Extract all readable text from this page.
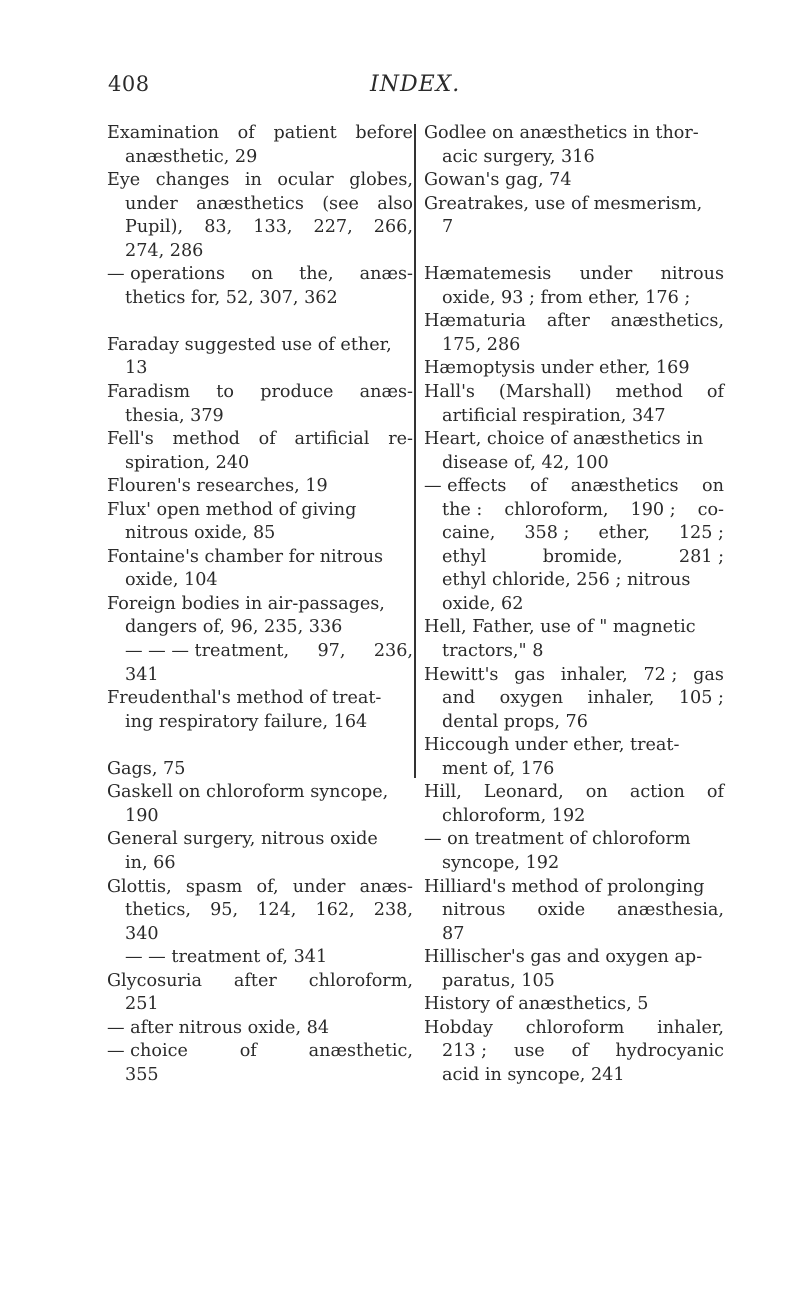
408	INDEX.
Examination of patient before
anæsthetic, 29
Eye changes in ocular globes,
under anæsthetics (see also
Pupil), 83, 133, 227, 266,
274, 286
— operations on the, anæs-
thetics for, 52, 307, 362
Faraday suggested use of ether,
13
Faradism to produce anæs-
thesia, 379
Fell's method of artificial re-
spiration, 240
Flouren's researches, 19
Flux' open method of giving
nitrous oxide, 85
Fontaine's chamber for nitrous
oxide, 104
Foreign bodies in air-passages,
dangers of, 96, 235, 336
— — — treatment, 97, 236,
341
Freudenthal's method of treat-
ing respiratory failure, 164
Gags, 75
Gaskell on chloroform syncope,
190
General surgery, nitrous oxide
in, 66
Glottis, spasm of, under anæs-
thetics, 95, 124, 162, 238,
340
— — treatment of, 341
Glycosuria after chloroform,
251
— after nitrous oxide, 84
— choice	of	anæsthetic,
355
Godlee on anæsthetics in thor-
acic surgery, 316
Gowan's gag, 74
Greatrakes, use of mesmerism,
7
Hæmatemesis under nitrous
oxide, 93 ; from ether, 176 ;
Hæmaturia after anæsthetics,
175, 286
Hæmoptysis under ether, 169
Hall's (Marshall) method of
artificial respiration, 347
Heart, choice of anæsthetics in
disease of, 42, 100
— effects of anæsthetics on
the : chloroform, 190 ; co-
caine, 358 ; ether, 125 ;
ethyl	bromide,	281 ;
ethyl chloride, 256 ; nitrous
oxide, 62
Hell, Father, use of " magnetic
tractors," 8
Hewitt's gas inhaler, 72 ; gas
and oxygen inhaler, 105 ;
dental props, 76
Hiccough under ether, treat-
ment of, 176
Hill, Leonard, on action of
chloroform, 192
— on treatment of chloroform
syncope, 192
Hilliard's method of prolonging
nitrous oxide anæsthesia,
87
Hillischer's gas and oxygen ap-
paratus, 105
History of anæsthetics, 5
Hobday chloroform inhaler,
213 ; use of hydrocyanic
acid in syncope, 241
